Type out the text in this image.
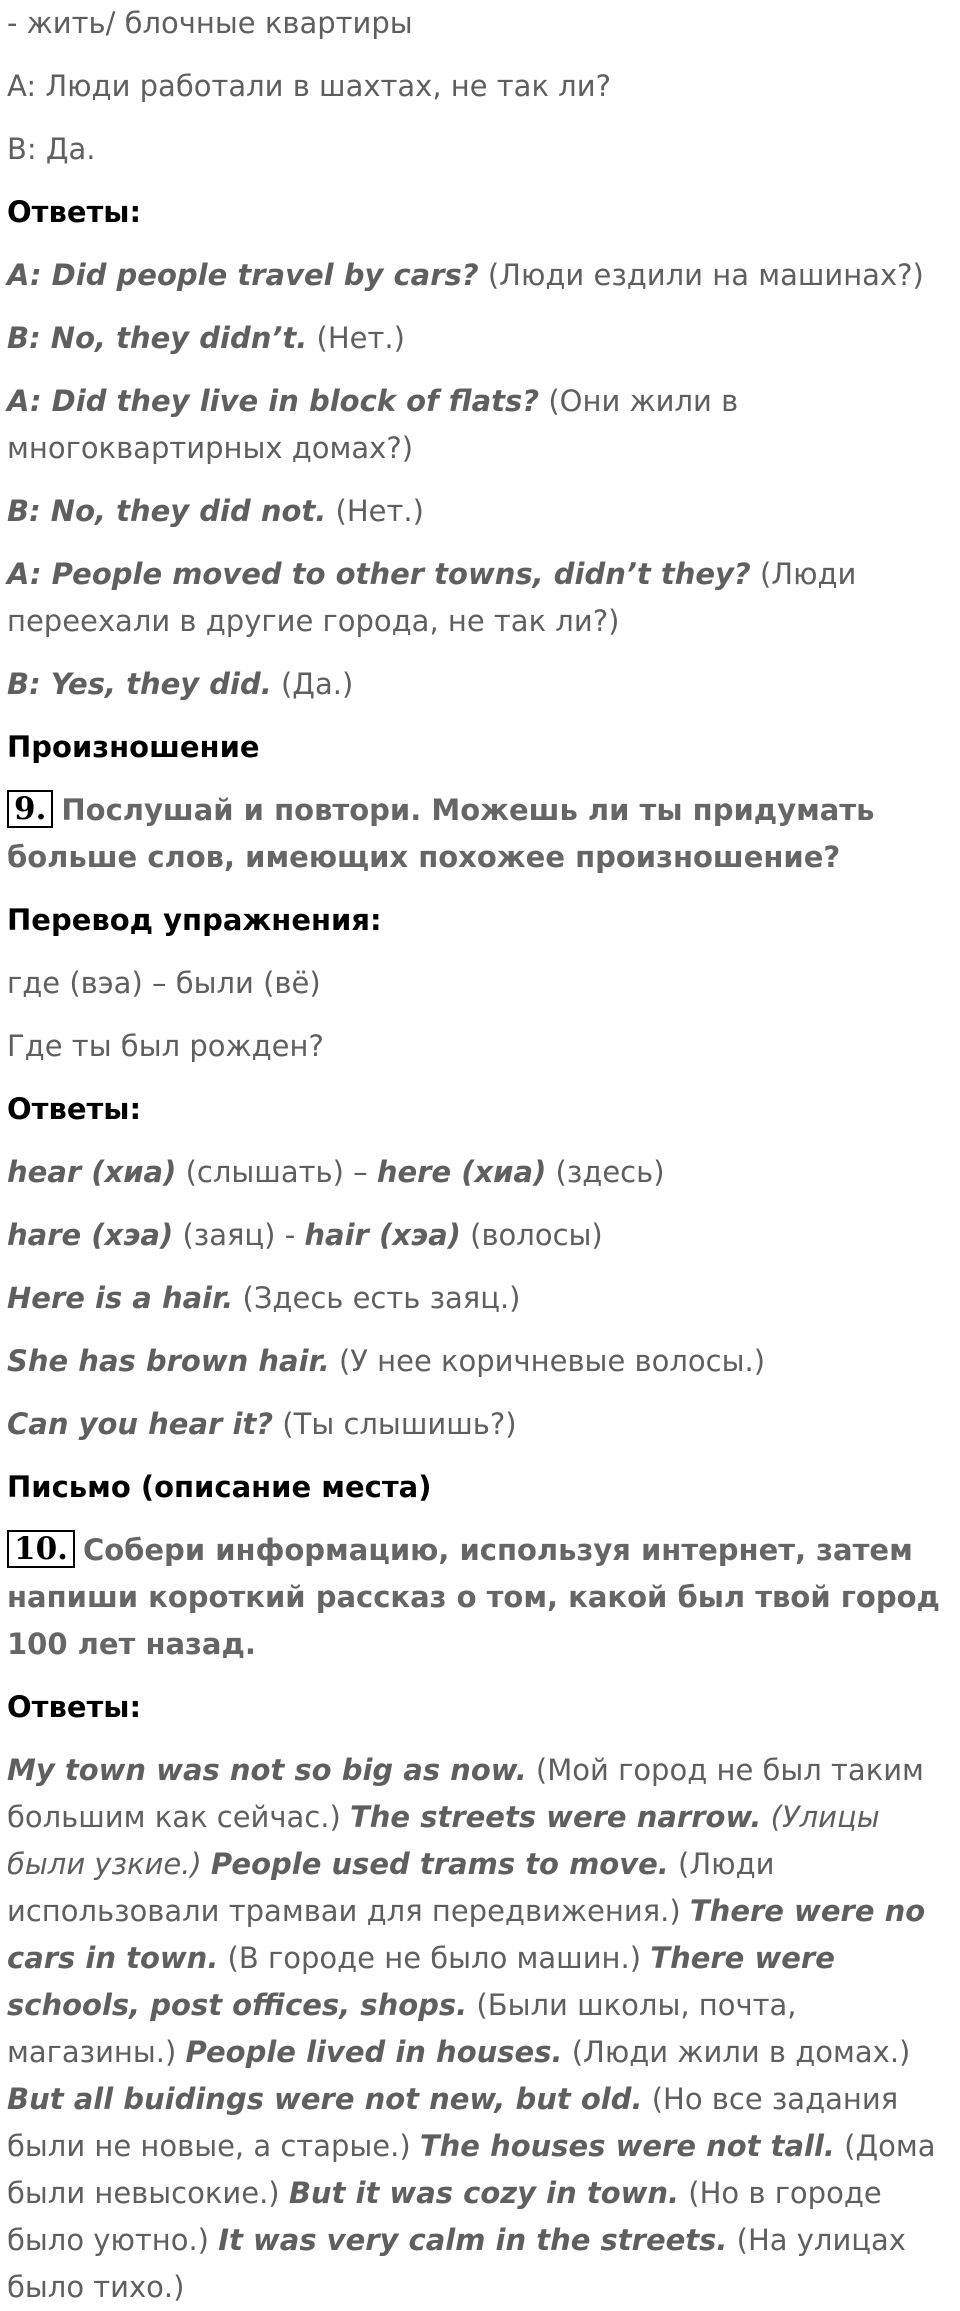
- жить/ блочные квартиры

A: Люди работали в шахтах, не так ли?

B: Да.

Ответы:

A: Did people travel by cars? (Люди ездили на машинах?)

B: No, they didn’t. (Нет.)

A: Did they live in block of flats? (Они жили в многоквартирных домах?)

B: No, they did not. (Нет.)

A: People moved to other towns, didn’t they? (Люди переехали в другие города, не так ли?)

B: Yes, they did. (Да.)

Произношение

9. Послушай и повтори. Можешь ли ты придумать больше слов, имеющих похожее произношение?

Перевод упражнения:

где (вэа) – были (вё)

Где ты был рожден?

Ответы:

hear (хиа) (слышать) – here (хиа) (здесь)

hare (хэа) (заяц) - hair (хэа) (волосы)

Here is a hair. (Здесь есть заяц.)

She has brown hair. (У нее коричневые волосы.)

Can you hear it? (Ты слышишь?)

Письмо (описание места)

10. Собери информацию, используя интернет, затем напиши короткий рассказ о том, какой был твой город 100 лет назад.

Ответы:

My town was not so big as now. (Мой город не был таким большим как сейчас.) The streets were narrow. (Улицы были узкие.) People used trams to move. (Люди использовали трамваи для передвижения.) There were no cars in town. (В городе не было машин.) There were schools, post offices, shops. (Были школы, почта, магазины.) People lived in houses. (Люди жили в домах.) But all buidings were not new, but old. (Но все задания были не новые, а старые.) The houses were not tall. (Дома были невысокие.) But it was cozy in town. (Но в городе было уютно.) It was very calm in the streets. (На улицах было тихо.)
